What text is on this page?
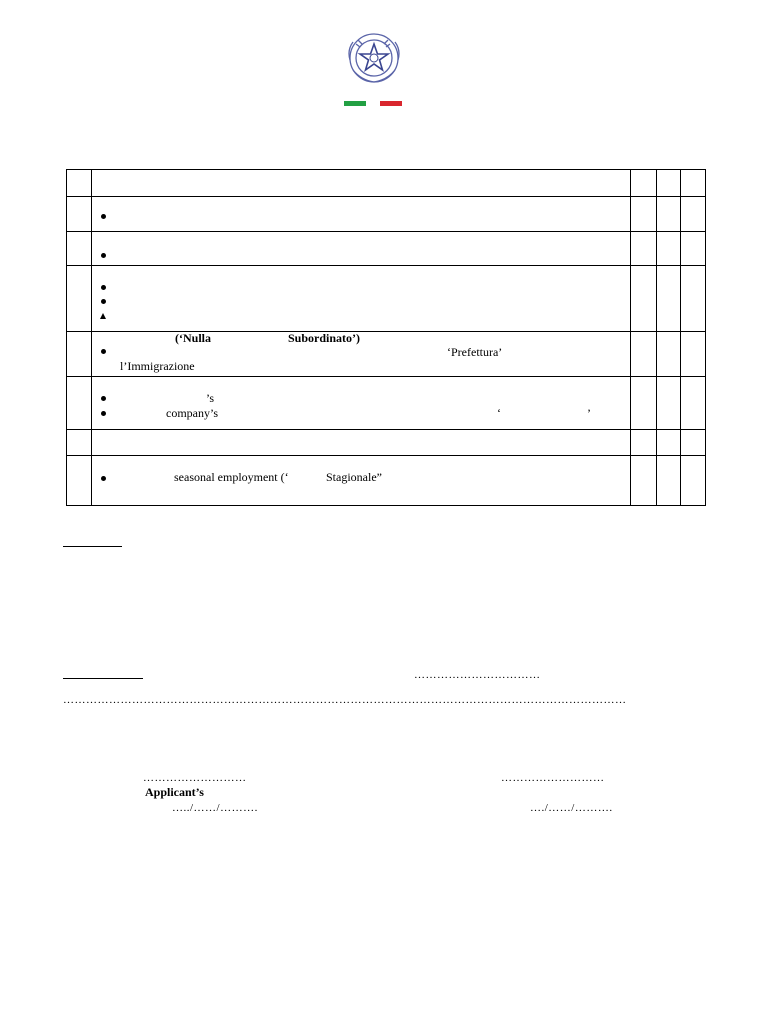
(‘Nulla	Subordinato’)
‘Prefettura’
l’Immigrazione
’s
company’s	‘	’
seasonal employment (‘	Stagionale”
……………………………
…………………………………………………………………………………………………………………………………
………………………	………………………
Applicant’s
…../……/……….	…./……/……….
